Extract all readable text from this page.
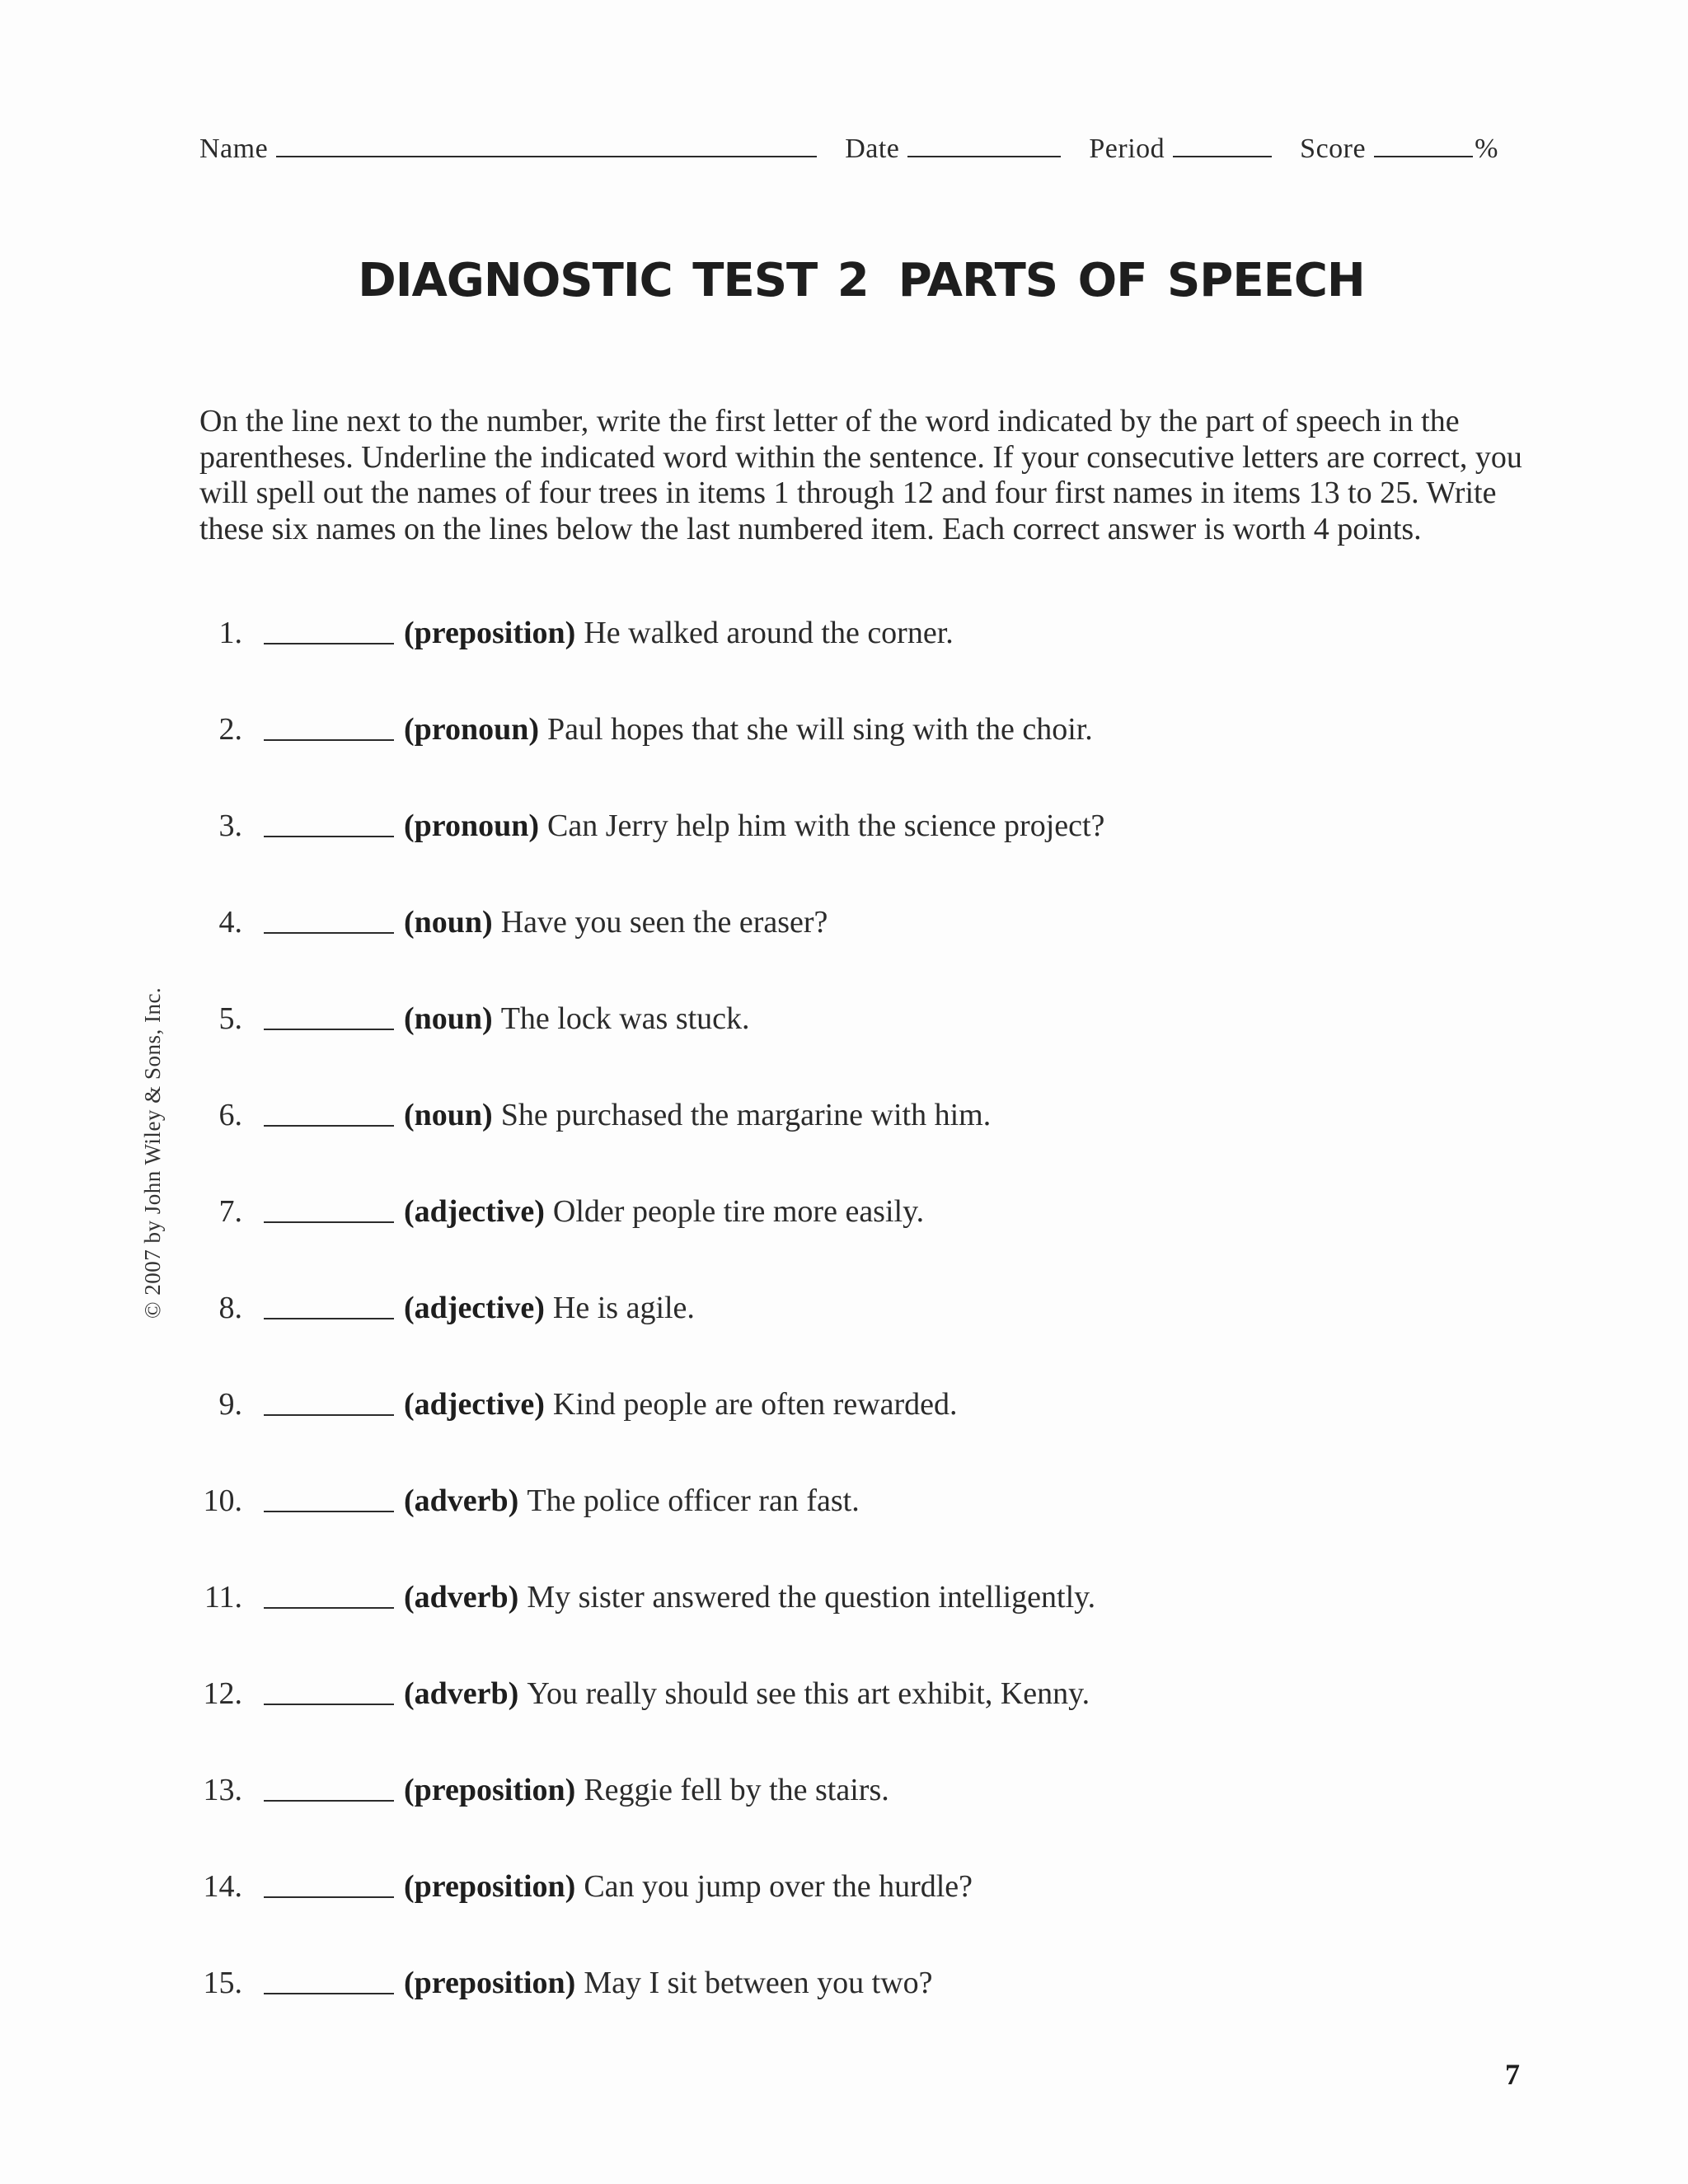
Name	Date	Period	Score	%
DIAGNOSTIC TEST 2 PARTS OF SPEECH
On the line next to the number, write the first letter of the word indicated by the part of speech in the parentheses. Underline the indicated word within the sentence. If your consecutive letters are correct, you will spell out the names of four trees in items 1 through 12 and four first names in items 13 to 25. Write these six names on the lines below the last numbered item. Each correct answer is worth 4 points.
1.	(preposition) He walked around the corner.
2.	(pronoun) Paul hopes that she will sing with the choir.
3.	(pronoun) Can Jerry help him with the science project?
4.	(noun) Have you seen the eraser?
5.	(noun) The lock was stuck.
6.	(noun) She purchased the margarine with him.
7.	(adjective) Older people tire more easily.
8.	(adjective) He is agile.
9.	(adjective) Kind people are often rewarded.
10.	(adverb) The police officer ran fast.
11.	(adverb) My sister answered the question intelligently.
12.	(adverb) You really should see this art exhibit, Kenny.
13.	(preposition) Reggie fell by the stairs.
14.	(preposition) Can you jump over the hurdle?
15.	(preposition) May I sit between you two?
© 2007 by John Wiley & Sons, Inc.
7
